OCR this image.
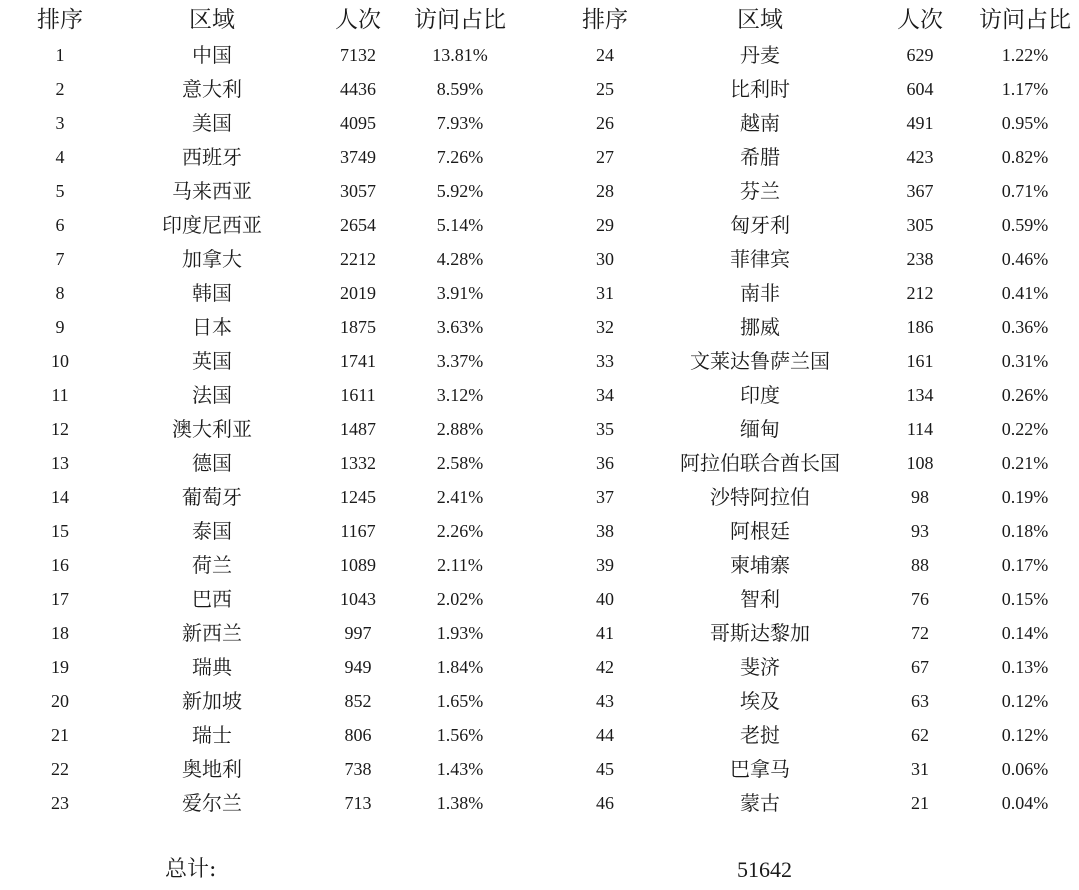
排序	区域	人次	访问占比
1	中国	7132	13.81%
2	意大利	4436	8.59%
3	美国	4095	7.93%
4	西班牙	3749	7.26%
5	马来西亚	3057	5.92%
6	印度尼西亚	2654	5.14%
7	加拿大	2212	4.28%
8	韩国	2019	3.91%
9	日本	1875	3.63%
10	英国	1741	3.37%
11	法国	1611	3.12%
12	澳大利亚	1487	2.88%
13	德国	1332	2.58%
14	葡萄牙	1245	2.41%
15	泰国	1167	2.26%
16	荷兰	1089	2.11%
17	巴西	1043	2.02%
18	新西兰	997	1.93%
19	瑞典	949	1.84%
20	新加坡	852	1.65%
21	瑞士	806	1.56%
22	奥地利	738	1.43%
23	爱尔兰	713	1.38%
排序	区域	人次	访问占比
24	丹麦	629	1.22%
25	比利时	604	1.17%
26	越南	491	0.95%
27	希腊	423	0.82%
28	芬兰	367	0.71%
29	匈牙利	305	0.59%
30	菲律宾	238	0.46%
31	南非	212	0.41%
32	挪威	186	0.36%
33	文莱达鲁萨兰国	161	0.31%
34	印度	134	0.26%
35	缅甸	114	0.22%
36	阿拉伯联合酋长国	108	0.21%
37	沙特阿拉伯	98	0.19%
38	阿根廷	93	0.18%
39	柬埔寨	88	0.17%
40	智利	76	0.15%
41	哥斯达黎加	72	0.14%
42	斐济	67	0.13%
43	埃及	63	0.12%
44	老挝	62	0.12%
45	巴拿马	31	0.06%
46	蒙古	21	0.04%
总计:	51642
